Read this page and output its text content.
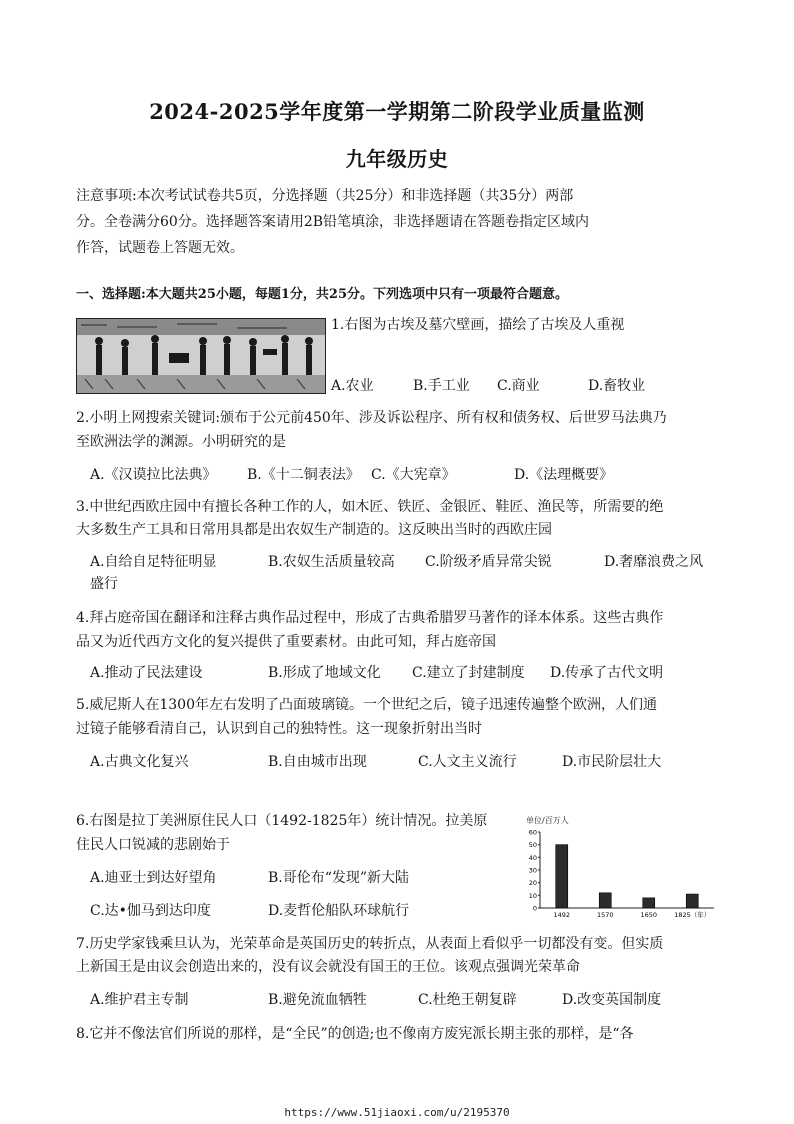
2024-2025学年度第一学期第二阶段学业质量监测
九年级历史
注意事项:本次考试试卷共5页，分选择题（共25分）和非选择题（共35分）两部
分。全卷满分60分。选择题答案请用2B铅笔填涂，非选择题请在答题卷指定区域内
作答，试题卷上答题无效。
一、选择题:本大题共25小题，每题1分，共25分。下列选项中只有一项最符合题意。
1.右图为古埃及墓穴壁画，描绘了古埃及人重视
A.农业	B.手工业 C.商业	D.畜牧业
2.小明上网搜索关键词:颁布于公元前450年、涉及诉讼程序、所有权和债务权、后世罗马法典乃
至欧洲法学的渊源。小明研究的是
A.《汉谟拉比法典》 B.《十二铜表法》 C.《大宪章》	D.《法理概要》
3.中世纪西欧庄园中有擅长各种工作的人，如木匠、铁匠、金银匠、鞋匠、渔民等，所需要的绝
大多数生产工具和日常用具都是出农奴生产制造的。这反映出当时的西欧庄园
A.自给自足特征明显	B.农奴生活质量较高 C.阶级矛盾异常尖锐	D.奢靡浪费之风
盛行
4.拜占庭帝国在翻译和注释古典作品过程中，形成了古典希腊罗马著作的译本体系。这些古典作
品又为近代西方文化的复兴提供了重要素材。由此可知，拜占庭帝国
A.推动了民法建设	B.形成了地域文化 C.建立了封建制度 D.传承了古代文明
5.威尼斯人在1300年左右发明了凸面玻璃镜。一个世纪之后，镜子迅速传遍整个欧洲，人们通
过镜子能够看清自己，认识到自己的独特性。这一现象折射出当时
A.古典文化复兴	B.自由城市出现	C.人文主义流行	D.市民阶层壮大
6.右图是拉丁美洲原住民人口（1492-1825年）统计情况。拉美原
住民人口锐减的悲剧始于
A.迪亚士到达好望角	B.哥伦布“发现”新大陆
C.达•伽马到达印度	D.麦哲伦船队环球航行
单位/百万人
0
10
20
30
40
50
60
1492	1570	1650	1825（年）
7.历史学家钱乘旦认为，光荣革命是英国历史的转折点，从表面上看似乎一切都没有变。但实质
上新国王是由议会创造出来的，没有议会就没有国王的王位。该观点强调光荣革命
A.维护君主专制	B.避免流血牺牲	C.杜绝王朝复辟	D.改变英国制度
8.它并不像法官们所说的那样，是“全民”的创造;也不像南方废宪派长期主张的那样，是“各
https://www.51jiaoxi.com/u/2195370
